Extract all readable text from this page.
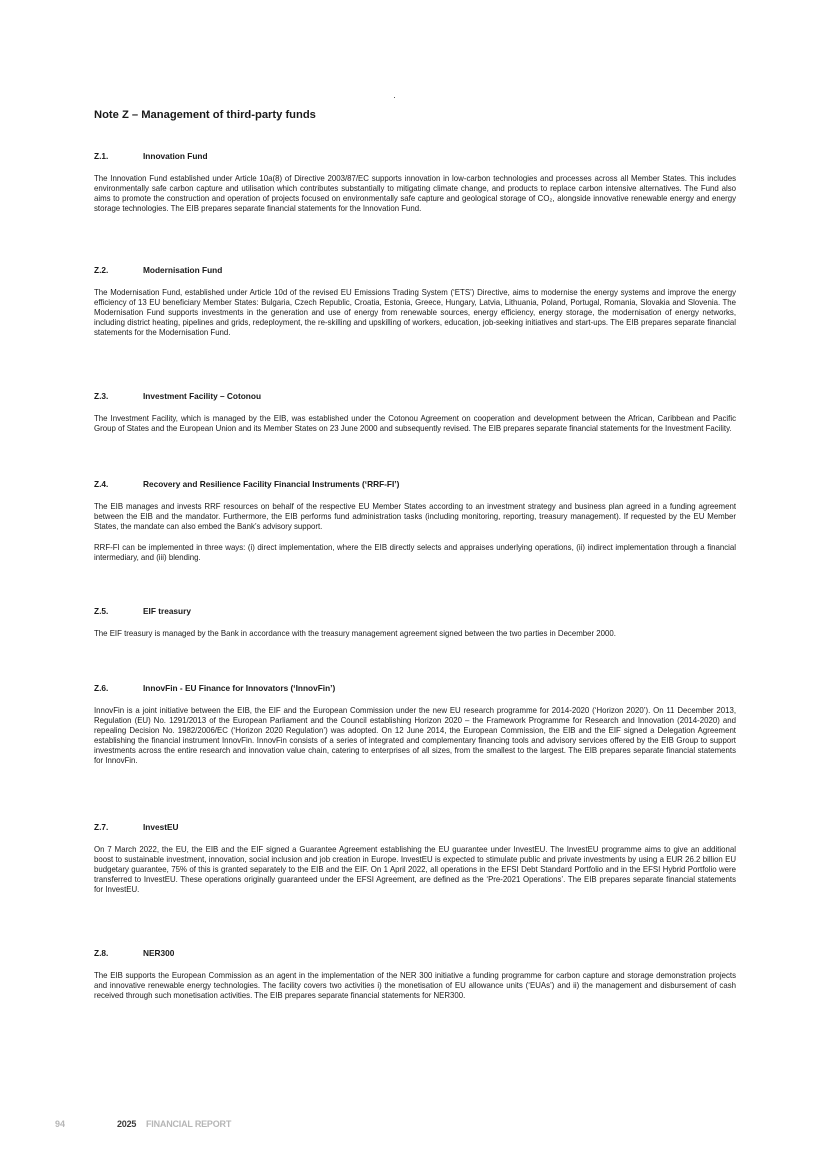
Note Z – Management of third-party funds
Z.1.	Innovation Fund

The Innovation Fund established under Article 10a(8) of Directive 2003/87/EC supports innovation in low-carbon technologies and processes across all Member States. This includes environmentally safe carbon capture and utilisation which contributes substantially to mitigating climate change, and products to replace carbon intensive alternatives. The Fund also aims to promote the construction and operation of projects focused on environmentally safe capture and geological storage of CO₂, alongside innovative renewable energy and energy storage technologies. The EIB prepares separate financial statements for the Innovation Fund.

Z.2.	Modernisation Fund

The Modernisation Fund, established under Article 10d of the revised EU Emissions Trading System (‘ETS’) Directive, aims to modernise the energy systems and improve the energy efficiency of 13 EU beneficiary Member States: Bulgaria, Czech Republic, Croatia, Estonia, Greece, Hungary, Latvia, Lithuania, Poland, Portugal, Romania, Slovakia and Slovenia. The Modernisation Fund supports investments in the generation and use of energy from renewable sources, energy efficiency, energy storage, the modernisation of energy networks, including district heating, pipelines and grids, redeployment, the re-skilling and upskilling of workers, education, job-seeking initiatives and start-ups. The EIB prepares separate financial statements for the Modernisation Fund.

Z.3.	Investment Facility – Cotonou

The Investment Facility, which is managed by the EIB, was established under the Cotonou Agreement on cooperation and development between the African, Caribbean and Pacific Group of States and the European Union and its Member States on 23 June 2000 and subsequently revised. The EIB prepares separate financial statements for the Investment Facility.

Z.4.	Recovery and Resilience Facility Financial Instruments (‘RRF-FI’)

The EIB manages and invests RRF resources on behalf of the respective EU Member States according to an investment strategy and business plan agreed in a funding agreement between the EIB and the mandator. Furthermore, the EIB performs fund administration tasks (including monitoring, reporting, treasury management). If requested by the EU Member States, the mandate can also embed the Bank’s advisory support.

RRF-FI can be implemented in three ways: (i) direct implementation, where the EIB directly selects and appraises underlying operations, (ii) indirect implementation through a financial intermediary, and (iii) blending.

Z.5.	EIF treasury

The EIF treasury is managed by the Bank in accordance with the treasury management agreement signed between the two parties in December 2000.

Z.6.	InnovFin - EU Finance for Innovators (‘InnovFin’)

InnovFin is a joint initiative between the EIB, the EIF and the European Commission under the new EU research programme for 2014-2020 (‘Horizon 2020’). On 11 December 2013, Regulation (EU) No. 1291/2013 of the European Parliament and the Council establishing Horizon 2020 – the Framework Programme for Research and Innovation (2014-2020) and repealing Decision No. 1982/2006/EC (‘Horizon 2020 Regulation’) was adopted. On 12 June 2014, the European Commission, the EIB and the EIF signed a Delegation Agreement establishing the financial instrument InnovFin. InnovFin consists of a series of integrated and complementary financing tools and advisory services offered by the EIB Group to support investments across the entire research and innovation value chain, catering to enterprises of all sizes, from the smallest to the largest. The EIB prepares separate financial statements for InnovFin.

Z.7.	InvestEU

On 7 March 2022, the EU, the EIB and the EIF signed a Guarantee Agreement establishing the EU guarantee under InvestEU. The InvestEU programme aims to give an additional boost to sustainable investment, innovation, social inclusion and job creation in Europe. InvestEU is expected to stimulate public and private investments by using a EUR 26.2 billion EU budgetary guarantee, 75% of this is granted separately to the EIB and the EIF. On 1 April 2022, all operations in the EFSI Debt Standard Portfolio and in the EFSI Hybrid Portfolio were transferred to InvestEU. These operations originally guaranteed under the EFSI Agreement, are defined as the ‘Pre-2021 Operations’. The EIB prepares separate financial statements for InvestEU.

Z.8.	NER300

The EIB supports the European Commission as an agent in the implementation of the NER 300 initiative a funding programme for carbon capture and storage demonstration projects and innovative renewable energy technologies. The facility covers two activities i) the monetisation of EU allowance units (‘EUAs’) and ii) the management and disbursement of cash received through such monetisation activities. The EIB prepares separate financial statements for NER300.

94	2025 FINANCIAL REPORT
